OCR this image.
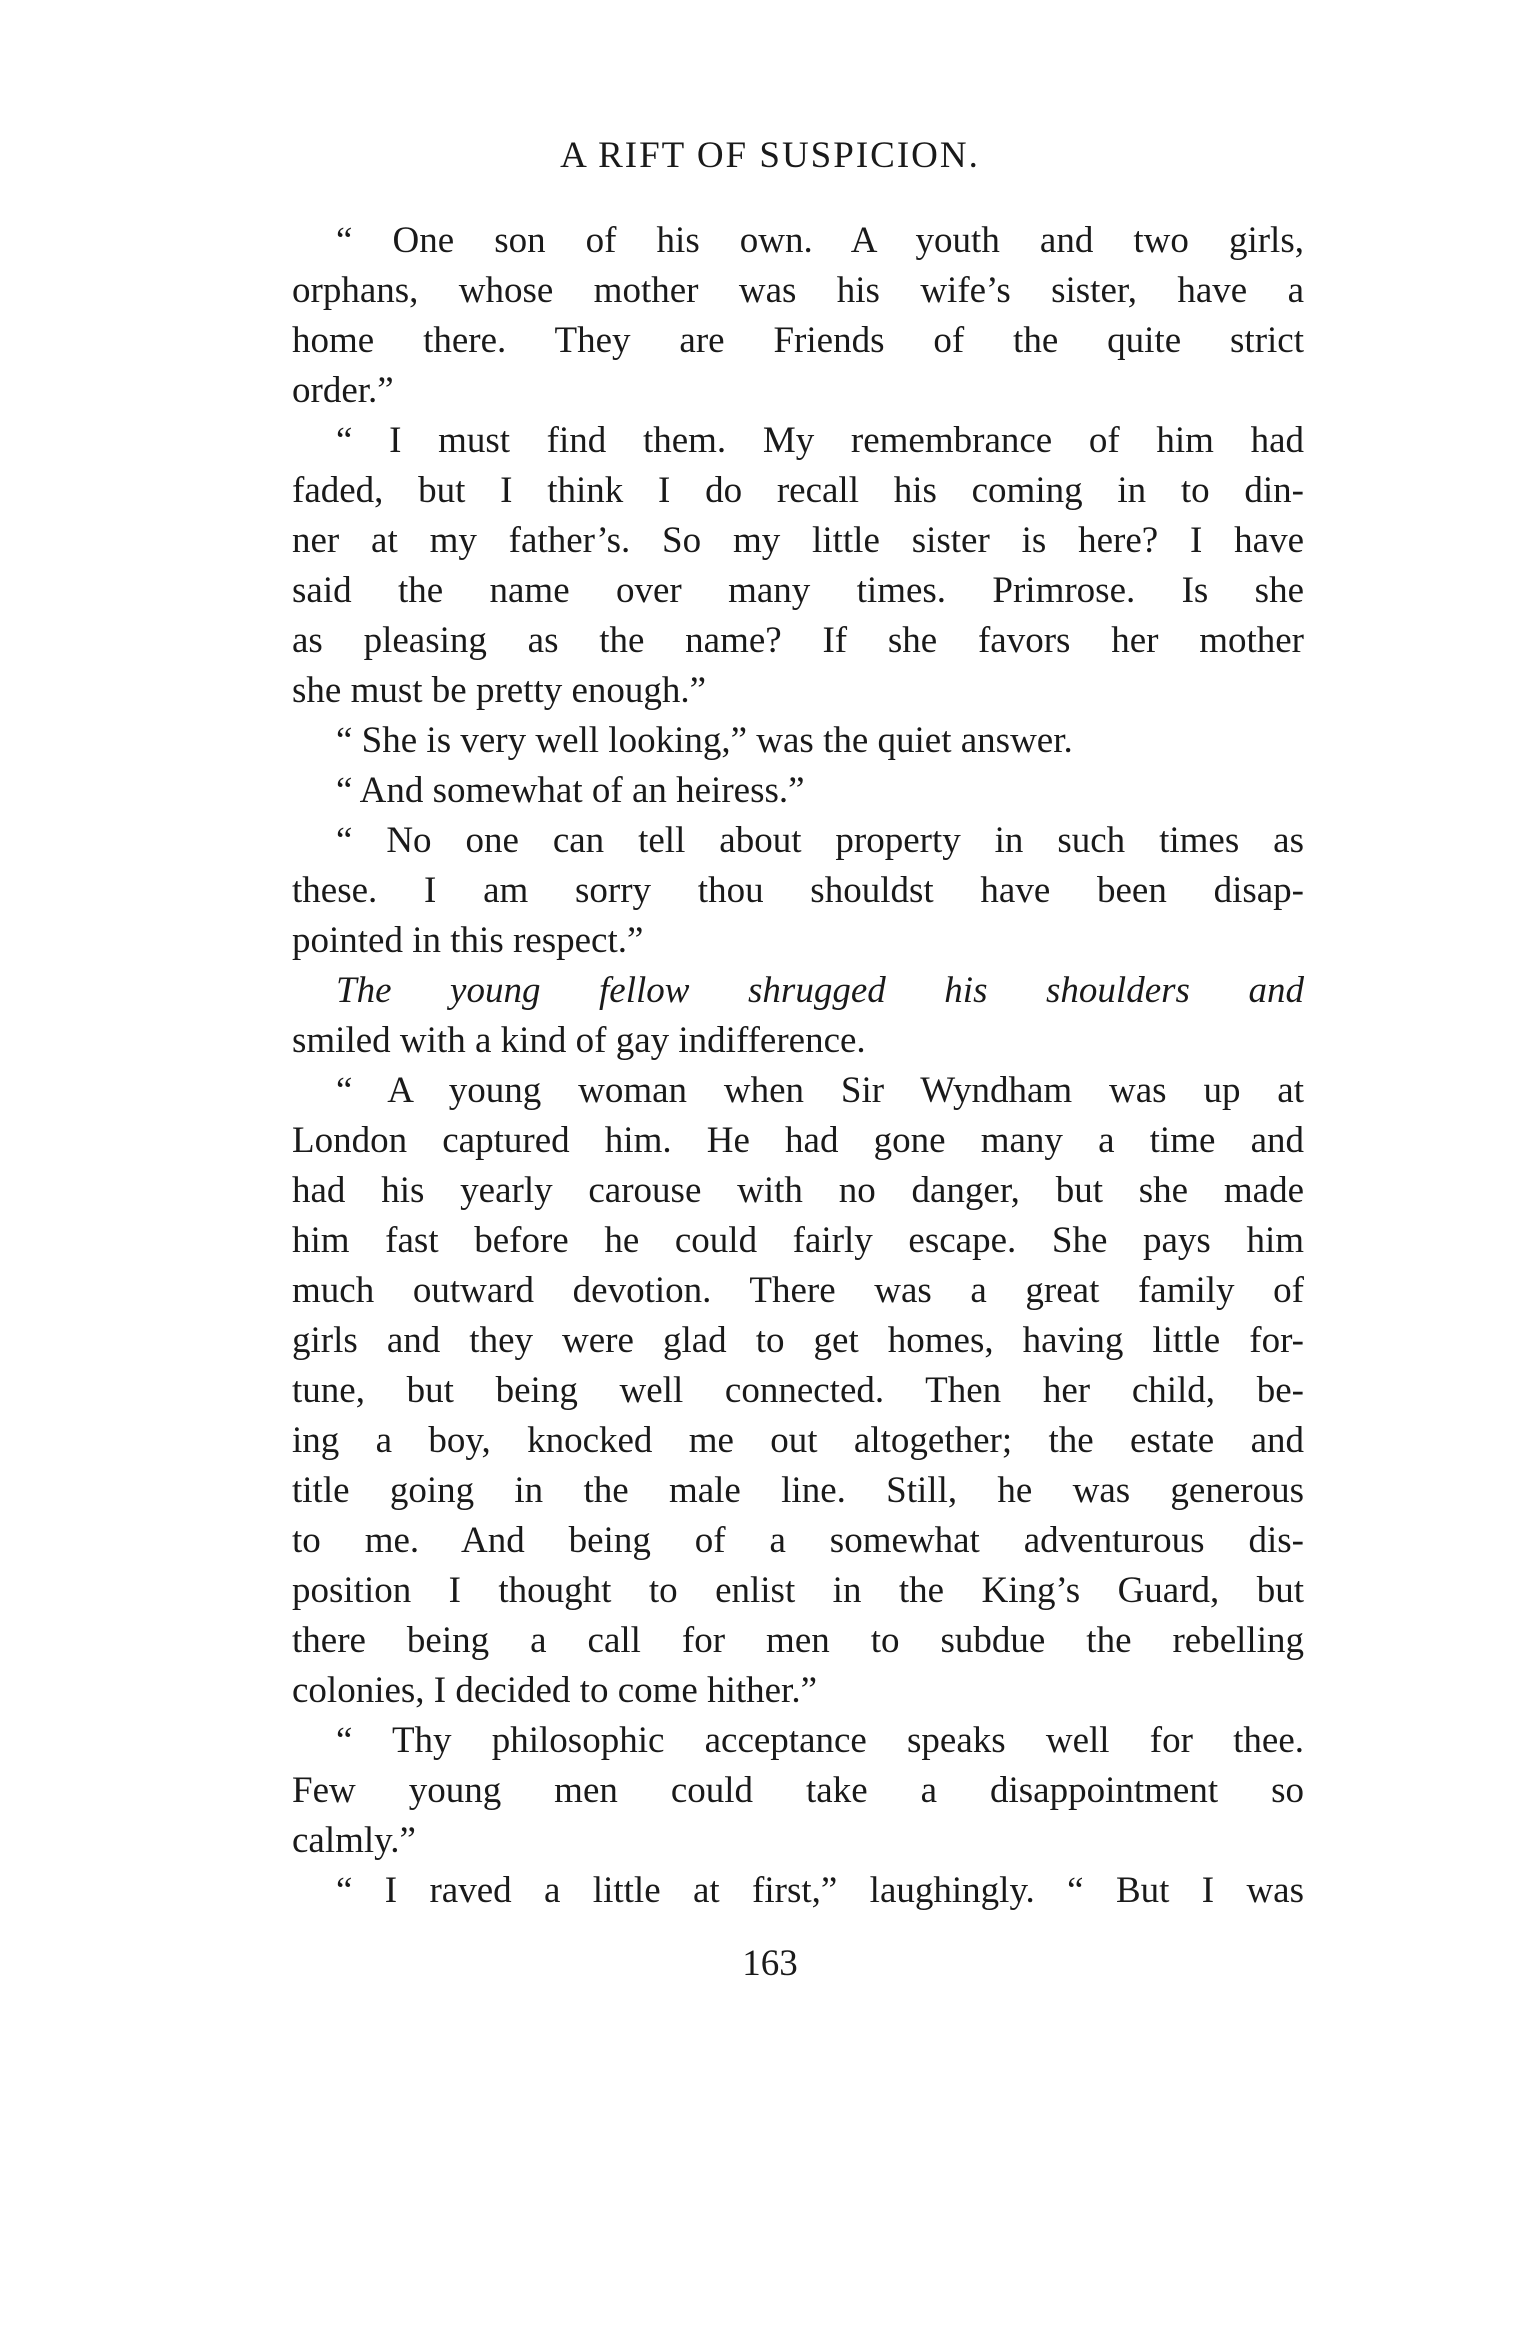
A RIFT OF SUSPICION.
“ One son of his own. A youth and two girls,
orphans, whose mother was his wife’s sister, have a
home there. They are Friends of the quite strict
order.”
“ I must find them. My remembrance of him had
faded, but I think I do recall his coming in to din-
ner at my father’s. So my little sister is here? I have
said the name over many times. Primrose. Is she
as pleasing as the name? If she favors her mother
she must be pretty enough.”
“ She is very well looking,” was the quiet answer.
“ And somewhat of an heiress.”
“ No one can tell about property in such times as
these. I am sorry thou shouldst have been disap-
pointed in this respect.”
The young fellow shrugged his shoulders and
smiled with a kind of gay indifference.
“ A young woman when Sir Wyndham was up at
London captured him. He had gone many a time and
had his yearly carouse with no danger, but she made
him fast before he could fairly escape. She pays him
much outward devotion. There was a great family of
girls and they were glad to get homes, having little for-
tune, but being well connected. Then her child, be-
ing a boy, knocked me out altogether; the estate and
title going in the male line. Still, he was generous
to me. And being of a somewhat adventurous dis-
position I thought to enlist in the King’s Guard, but
there being a call for men to subdue the rebelling
colonies, I decided to come hither.”
“ Thy philosophic acceptance speaks well for thee.
Few young men could take a disappointment so
calmly.”
“ I raved a little at first,” laughingly. “ But I was
163
